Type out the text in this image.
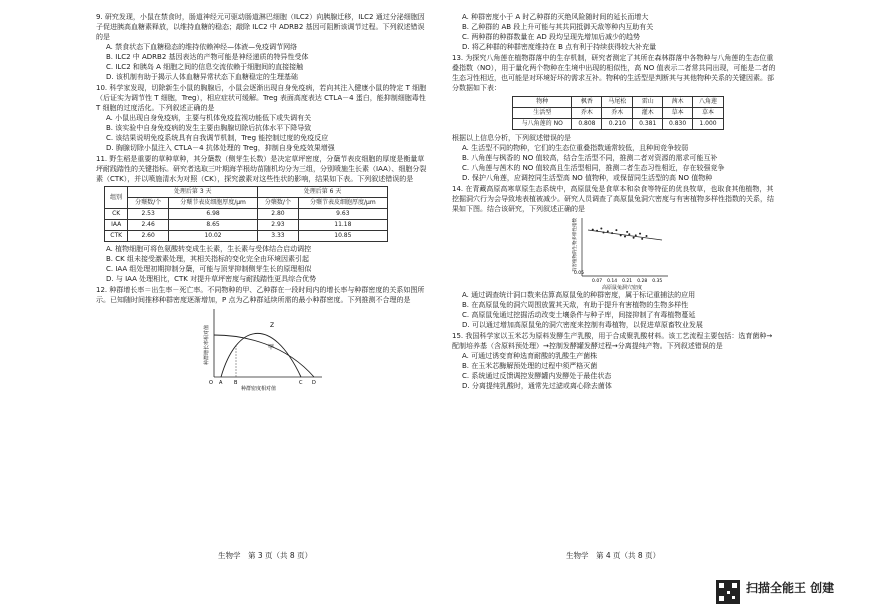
9. 研究发现，小鼠在禁食时，肠道神经元可驱动肠道淋巴细胞（ILC2）向胰腺迁移，ILC2 通过分泌细胞因子促进胰高血糖素释放，以维持血糖的稳态；敲除 ILC2 中 ADRB2 基因可阻断该调节过程。下列叙述错误的是

A. 禁食状态下血糖稳态的维持依赖神经—体液—免疫调节网络

B. ILC2 中 ADRB2 基因表达的产物可能是神经递质的特异性受体

C. ILC2 和胰岛 A 细胞之间的信息交流依赖于细胞间的直接接触

D. 该机制有助于揭示人体血糖异常状态下血糖稳定的生理基础

10. 科学家发现，切除新生小鼠的胸腺后，小鼠会逐渐出现自身免疫病，若向其注入健康小鼠的特定 T 细胞（后证实为调节性 T 细胞，Treg），相应症状可缓解。Treg 表面高度表达 CTLA－4 蛋白，能抑制细胞毒性 T 细胞的过度活化。下列叙述正确的是

A. 小鼠出现自身免疫病，主要与机体免疫监视功能低下或失调有关

B. 该实验中自身免疫病的发生主要由胸腺切除后抗体水平下降导致

C. 该结果说明免疫系统具有自我调节机制，Treg 能控制过度的免疫反应

D. 胸腺切除小鼠注入 CTLA－4 抗体处理的 Treg，抑制自身免疫效果增强

11. 野生稻是重要的草种草种，其分蘖数（侧芽生长数）是决定草坪密度，分蘖节表皮细胞的厚度是衡量草坪耐践踏性的关键指标。研究者选取三叶期海芋根幼苗随机均分为三组，分别喷施生长素（IAA）、细胞分裂素（CTK），并以喷施清水为对照（CK），探究激素对这些性状的影响，结果如下表。下列叙述错误的是

组别	处理后第 3 天		处理后第 6 天	
	分蘖数/个	分蘖节表皮细胞厚度/μm	分蘖数/个	分蘖节表皮细胞厚度/μm
CK	2.53	6.98	2.80	9.63
IAA	2.46	8.65	2.93	11.18
CTK	2.60	10.02	3.33	10.85

A. 植物细胞可将色氨酸转变成生长素，生长素与受体结合启动调控

B. CK 组未接受激素处理，其相关指标的变化完全由环境因素引起

C. IAA 组处理初期抑制分蘖，可能与顶芽抑制侧芽生长的原理相似

D. 与 IAA 处理相比，CTK 对提升草坪密度与耐践踏性更具综合优势

12. 种群增长率＝出生率－死亡率。不同物种的甲、乙种群在一段时间内的增长率与种群密度的关系如图所示。已知随时间推移种群密度逐渐增加，P 点为乙种群延续所需的最小种群密度。下列推测不合理的是

Z
甲
O A B	C D
种群密度相对值
种群增长率相对值

A. 种群密度小于 A 时乙种群的灭绝风险随时间的延长而增大

B. 乙种群的 AB 段上升可能与其共同抵御天敌等种内互助有关

C. 两种群的种群数量在 AD 段均呈现先增加后减少的趋势

D. 将乙种群的种群密度维持在 B 点有利于持续获得较大补充量

13. 为探究八角莲在植物群落中的生存机制，研究者测定了其所在森林群落中各物种与八角莲的生态位重叠指数（NO），用于量化两个物种在生境中出现的相似性，高 NO 值表示二者常共同出现，可能是二者的生态习性相近，也可能是对环境好坏的需求互补。物种的生活型是判断其与其他物种关系的关键因素。部分数据如下表：

物种	枫香	马尾松	雷山	茜木	八角莲
生活型	乔木	乔木	灌木	草本	草本
与八角莲的 NO	0.808	0.210	0.381	0.830	1.000

根据以上信息分析，下列叙述错误的是

A. 生活型不同的物种，它们的生态位重叠指数通常较低，且种间竞争较弱

B. 八角莲与枫香的 NO 值较高，结合生活型不同，推测二者对资源的需求可能互补

C. 八角莲与茜木的 NO 值较高且生活型相同，推测二者生态习性相近，存在较强竞争

D. 保护八角莲，应调控同生活型高 NO 值物种，或保留同生活型的高 NO 值物种

14. 在青藏高原高寒草原生态系统中，高原鼠兔是食草本和杂食等特征的优良牧草，也取食其他植物，其挖掘洞穴行为会导致地表植被减少。研究人员调查了高原鼠兔洞穴密度与有害植物多样性指数的关系，结果如下图。结合该研究，下列叙述正确的是

0.07 0.14 0.21 0.28 0.35
0.05
高原鼠兔洞穴密度
有害植物的生物多样性指数

A. 通过调查统计洞口数来估算高原鼠兔的种群密度，属于标记重捕法的应用

B. 在高原鼠兔的洞穴周围放置其天敌，有助于提升有害植物的生物多样性

C. 高原鼠兔通过挖掘活动改变土壤条件与种子库，间接抑制了有毒植物蔓延

D. 可以通过增加高原鼠兔的洞穴密度来控制有毒植物，以促进草原畜牧业发展

15. 我国科学家以玉米芯为原料发酵生产乳酸，用于合成聚乳酸材料。该工艺流程主要包括：选育菌种→配制培养基（含原料预处理）→控制发酵罐发酵过程→分离提纯产物。下列叙述错误的是

A. 可通过诱变育种选育耐酸的乳酸生产菌株

B. 在玉米芯酶解预处理的过程中须严格灭菌

C. 系统通过反馈调控发酵罐内发酵处于最佳状态

D. 分离提纯乳酸时，通常先过滤或离心除去菌体

生物学　第 3 页（共 8 页）	生物学　第 4 页（共 8 页）
扫描全能王 创建
